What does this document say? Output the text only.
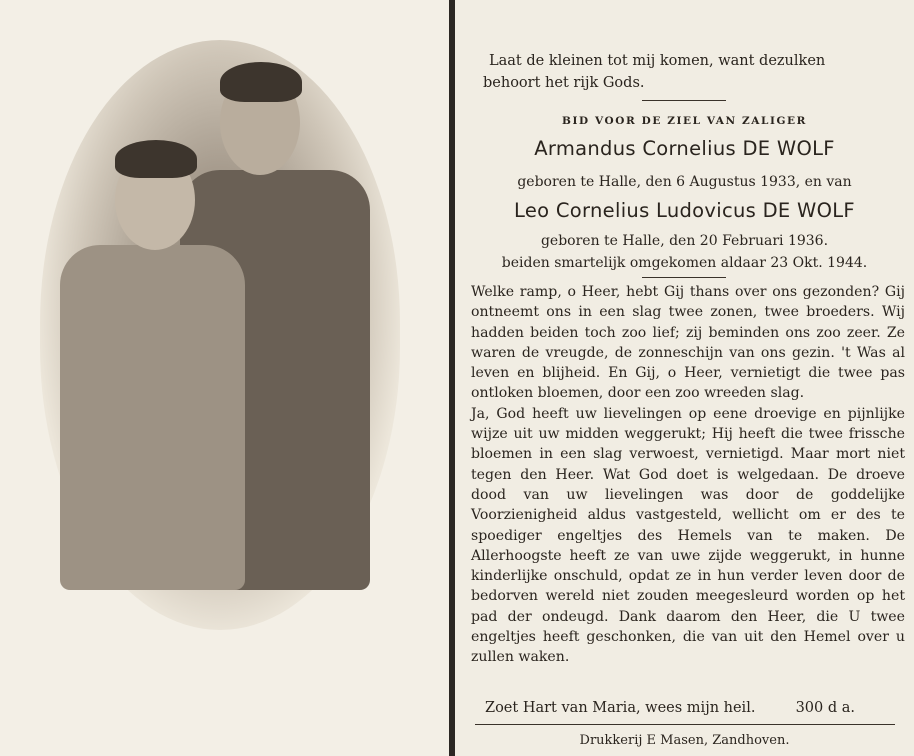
Laat de kleinen tot mij komen, want dezulken
behoort het rijk Gods.
BID VOOR DE ZIEL VAN ZALIGER
Armandus Cornelius DE WOLF
geboren te Halle, den 6 Augustus 1933, en van
Leo Cornelius Ludovicus DE WOLF
geboren te Halle, den 20 Februari 1936.
beiden smartelijk omgekomen aldaar 23 Okt. 1944.

Welke ramp, o Heer, hebt Gij thans over ons gezonden? Gij ontneemt ons in een slag twee zonen, twee broeders. Wij hadden beiden toch zoo lief; zij beminden ons zoo zeer. Ze waren de vreugde, de zonneschijn van ons gezin. 't Was al leven en blijheid. En Gij, o Heer, vernietigt die twee pas ontloken bloemen, door een zoo wreeden slag.

Ja, God heeft uw lievelingen op eene droevige en pijnlijke wijze uit uw midden weggerukt; Hij heeft die twee frissche bloemen in een slag verwoest, vernietigd. Maar mort niet tegen den Heer. Wat God doet is welgedaan. De droeve dood van uw lievelingen was door de goddelijke Voorzienigheid aldus vastgesteld, wellicht om er des te spoediger engeltjes des Hemels van te maken. De Allerhoogste heeft ze van uwe zijde weggerukt, in hunne kinderlijke onschuld, opdat ze in hun verder leven door de bedorven wereld niet zouden meegesleurd worden op het pad der ondeugd. Dank daarom den Heer, die U twee engeltjes heeft geschonken, die van uit den Hemel over u zullen waken.

Zoet Hart van Maria, wees mijn heil.	300 d a.
Drukkerij E Masen, Zandhoven.
